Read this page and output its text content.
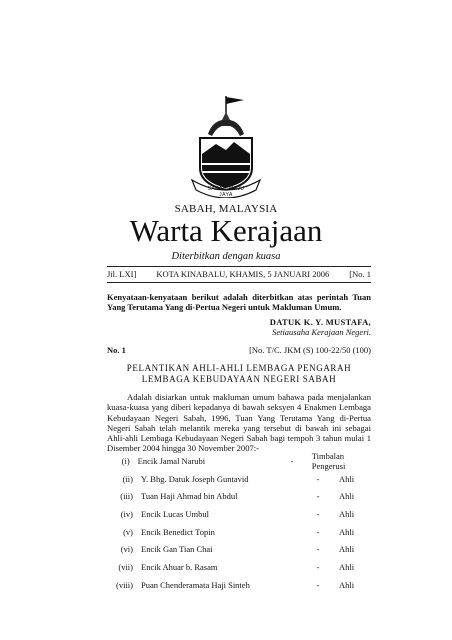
SABAH MAJU JAYA
SABAH, MALAYSIA
Warta Kerajaan
Diterbitkan dengan kuasa
Jil. LXI] KOTA KINABALU, KHAMIS, 5 JANUARI 2006 [No. 1
Kenyataan-kenyataan berikut adalah diterbitkan atas perintah Tuan Yang Terutama Yang di-Pertua Negeri untuk Makluman Umum.
DATUK K. Y. MUSTAFA,
Setiausaha Kerajaan Negeri.
No. 1	[No. T/C. JKM (S) 100-22/50 (100)
PELANTIKAN AHLI-AHLI LEMBAGA PENGARAH
LEMBAGA KEBUDAYAAN NEGERI SABAH
Adalah disiarkan untuk makluman umum bahawa pada menjalankan kuasa-kuasa yang diberi kepadanya di bawah seksyen 4 Enakmen Lembaga Kebudayaan Negeri Sabah, 1996, Tuan Yang Terutama Yang di-Pertua Negeri Sabah telah melantik mereka yang tersebut di bawah ini sebagai Ahli-ahli Lembaga Kebudayaan Negeri Sabah bagi tempoh 3 tahun mulai 1 Disember 2004 hingga 30 November 2007:-
(i) Encik Jamal Narubi	-	Timbalan Pengerusi
(ii) Y. Bhg. Datuk Joseph Guntavid	-	Ahli
(iii) Tuan Haji Ahmad bin Abdul	-	Ahli
(iv) Encik Lucas Umbul	-	Ahli
(v) Encik Benedict Topin	-	Ahli
(vi) Encik Gan Tian Chai	-	Ahli
(vii) Encik Ahuar b. Rasam	-	Ahli
(viii) Puan Chenderamata Haji Sinteh	-	Ahli
